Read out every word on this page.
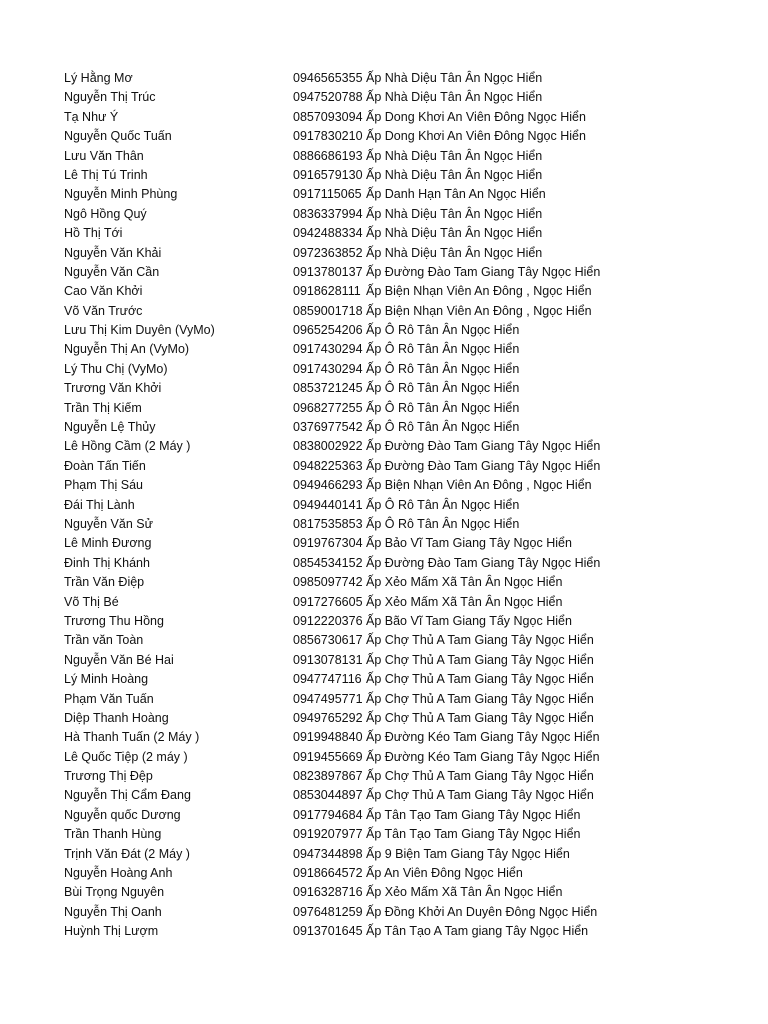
Lý Hằng Mơ	0946565355 Ấp Nhà Diệu Tân Ân Ngọc Hiển
Nguyễn Thị Trúc	0947520788 Ấp Nhà Diệu Tân Ân Ngọc Hiển
Tạ Như Ý	0857093094 Ấp Dong Khơi An Viên Đông Ngọc Hiển
Nguyễn Quốc Tuấn	0917830210 Ấp Dong Khơi An Viên Đông Ngọc Hiển
Lưu Văn Thân	0886686193 Ấp Nhà Diệu Tân Ân Ngọc Hiển
Lê Thị Tú Trinh	0916579130 Ấp Nhà Diệu Tân Ân Ngọc Hiển
Nguyễn Minh Phùng	0917115065 Ấp Danh Hạn Tân An Ngọc Hiển
Ngô Hồng Quý	0836337994 Ấp Nhà Diệu Tân Ân Ngọc Hiển
Hồ Thị Tới	0942488334 Ấp Nhà Diệu Tân Ân Ngọc Hiển
Nguyễn Văn Khải	0972363852 Ấp Nhà Diệu Tân Ân Ngọc Hiển
Nguyễn Văn Cần	0913780137 Ấp Đường Đào Tam Giang Tây Ngọc Hiển
Cao Văn Khởi	0918628111 Ấp Biện Nhạn Viên An Đông , Ngọc Hiển
Võ Văn Trước	0859001718 Ấp Biện Nhạn Viên An Đông , Ngọc Hiển
Lưu Thị Kim Duyên (VyMo)	0965254206 Ấp Ô Rô Tân Ân Ngọc Hiển
Nguyễn Thị An (VyMo)	0917430294 Ấp Ô Rô Tân Ân Ngọc Hiển
Lý Thu Chị (VyMo)	0917430294 Ấp Ô Rô Tân Ân Ngọc Hiển
Trương Văn Khởi	0853721245 Ấp Ô Rô Tân Ân Ngọc Hiển
Trần Thị Kiếm	0968277255 Ấp Ô Rô Tân Ân Ngọc Hiển
Nguyễn Lệ Thủy	0376977542 Ấp Ô Rô Tân Ân Ngọc Hiển
Lê Hồng Cầm (2 Máy )	0838002922 Ấp Đường Đào Tam Giang Tây Ngọc Hiển
Đoàn Tấn Tiến	0948225363 Ấp Đường Đào Tam Giang Tây Ngọc Hiển
Phạm Thị Sáu	0949466293 Ấp Biện Nhạn Viên An Đông , Ngọc Hiển
Đái Thị Lành	0949440141 Ấp Ô Rô Tân Ân Ngọc Hiển
Nguyễn Văn Sử	0817535853 Ấp Ô Rô Tân Ân Ngọc Hiển
Lê Minh Đương	0919767304 Ấp Bảo Vĩ Tam Giang Tây Ngọc Hiển
Đinh Thị Khánh	0854534152 Ấp Đường Đào Tam Giang Tây Ngọc Hiển
Trần Văn Điệp	0985097742 Ấp Xẻo Mấm Xã Tân Ân Ngọc Hiển
Võ Thị Bé	0917276605 Ấp Xẻo Mấm Xã Tân Ân Ngọc Hiển
Trương Thu Hồng	0912220376 Ấp Bão Vĩ Tam Giang Tấy Ngọc Hiển
Trần văn Toàn	0856730617 Ấp Chợ Thủ A Tam Giang Tây Ngọc Hiển
Nguyễn Văn Bé Hai	0913078131 Ấp Chợ Thủ A Tam Giang Tây Ngọc Hiển
Lý Minh Hoàng	0947747116 Ấp Chợ Thủ A Tam Giang Tây Ngọc Hiển
Phạm Văn Tuấn	0947495771 Ấp Chợ Thủ A Tam Giang Tây Ngọc Hiển
Diệp Thanh Hoàng	0949765292 Ấp Chợ Thủ A Tam Giang Tây Ngọc Hiển
Hà Thanh Tuấn (2 Máy )	0919948840 Ấp Đường Kéo Tam Giang Tây Ngọc Hiển
Lê Quốc Tiệp (2 máy )	0919455669 Ấp Đường Kéo Tam Giang Tây Ngọc Hiển
Trương Thị Đệp	0823897867 Ấp Chợ Thủ A Tam Giang Tây Ngọc Hiển
Nguyễn Thị Cẩm Đang	0853044897 Ấp Chợ Thủ A Tam Giang Tây Ngọc Hiển
Nguyễn quốc Dương	0917794684 Ấp Tân Tạo Tam Giang Tây Ngọc Hiển
Trần Thanh Hùng	0919207977 Ấp Tân Tạo Tam Giang Tây Ngọc Hiển
Trịnh Văn Đát (2 Máy )	0947344898 Ấp 9 Biện Tam Giang Tây Ngọc Hiển
Nguyễn Hoàng Anh	0918664572 Ấp An Viên Đông Ngọc Hiển
Bùi Trọng Nguyên	0916328716 Ấp Xẻo Mấm Xã Tân Ân Ngọc Hiển
Nguyễn Thị Oanh	0976481259 Ấp Đồng Khởi An Duyên Đông Ngọc Hiển
Huỳnh Thị Lượm	0913701645 Ấp Tân Tạo A Tam giang Tây Ngọc Hiển
